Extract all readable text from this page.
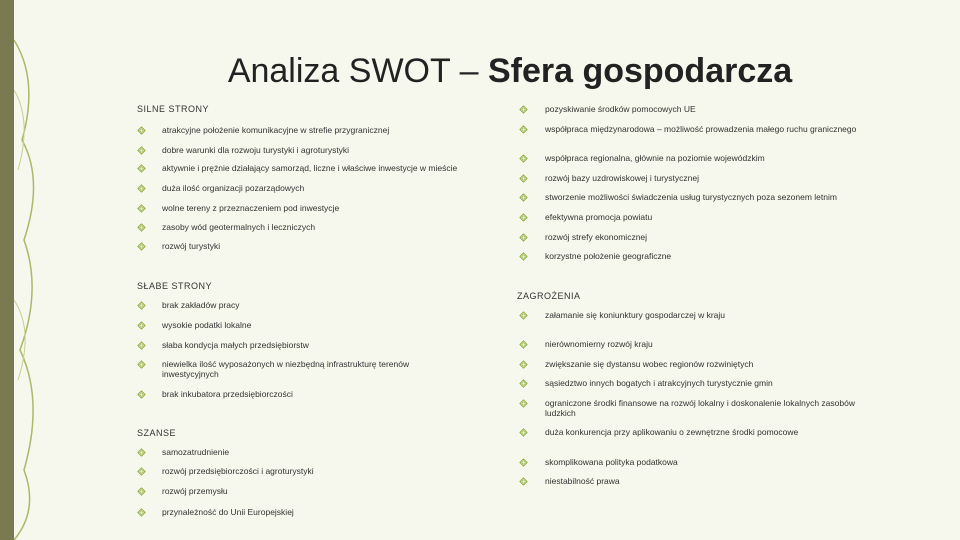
Analiza SWOT – Sfera gospodarcza
SILNE STRONY
atrakcyjne położenie komunikacyjne w strefie przygranicznej
dobre warunki dla rozwoju turystyki i agroturystyki
aktywnie i prężnie działający samorząd, liczne i właściwe inwestycje w mieście
duża ilość organizacji pozarządowych
wolne tereny z przeznaczeniem pod inwestycje
zasoby wód geotermalnych i leczniczych
rozwój turystyki
SŁABE STRONY
brak zakładów pracy
wysokie podatki lokalne
słaba kondycja małych przedsiębiorstw
niewielka ilość wyposażonych w niezbędną infrastrukturę terenów inwestycyjnych
brak inkubatora przedsiębiorczości
SZANSE
samozatrudnienie
rozwój przedsiębiorczości i agroturystyki
rozwój przemysłu
przynależność do Unii Europejskiej
pozyskiwanie środków pomocowych UE
współpraca międzynarodowa – możliwość prowadzenia małego ruchu granicznego
współpraca regionalna, głównie na poziomie wojewódzkim
rozwój bazy uzdrowiskowej i turystycznej
stworzenie możliwości świadczenia usług turystycznych poza sezonem letnim
efektywna promocja powiatu
rozwój strefy ekonomicznej
korzystne położenie geograficzne
ZAGROŻENIA
załamanie się koniunktury gospodarczej w kraju
nierównomierny rozwój kraju
zwiększanie się dystansu wobec regionów rozwiniętych
sąsiedztwo innych bogatych i atrakcyjnych turystycznie gmin
ograniczone środki finansowe na rozwój lokalny i doskonalenie lokalnych zasobów ludzkich
duża konkurencja przy aplikowaniu o zewnętrzne środki pomocowe
skomplikowana polityka podatkowa
niestabilność prawa
